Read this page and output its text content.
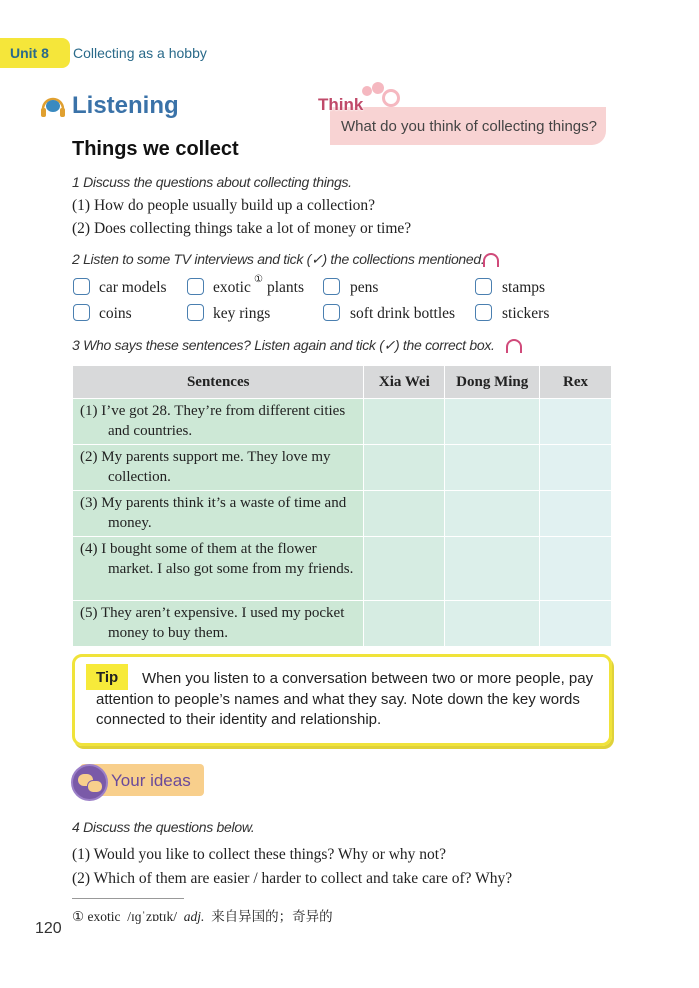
Unit 8 Collecting as a hobby
Listening	Think
What do you think of collecting things?
Things we collect
1 Discuss the questions about collecting things.
(1) How do people usually build up a collection?
(2) Does collecting things take a lot of money or time?
2 Listen to some TV interviews and tick (✓) the collections mentioned.
car models	exotic ① plants	pens	stamps
coins	key rings	soft drink bottles	stickers
3 Who says these sentences? Listen again and tick (✓) the correct box.
Sentences	Xia Wei	Dong Ming	Rex
(1) I’ve got 28. They’re from different cities and countries.			
(2) My parents support me. They love my collection.			
(3) My parents think it’s a waste of time and money.			
(4) I bought some of them at the flower market. I also got some from my friends.			
(5) They aren’t expensive. I used my pocket money to buy them.			
Tip	When you listen to a conversation between two or more people, pay attention to people’s names and what they say. Note down the key words connected to their identity and relationship.
Your ideas
4 Discuss the questions below.
(1) Would you like to collect these things? Why or why not?
(2) Which of them are easier / harder to collect and take care of? Why?
① exotic /ɪɡˈzɒtɪk/ adj. 来自异国的；奇异的
120
